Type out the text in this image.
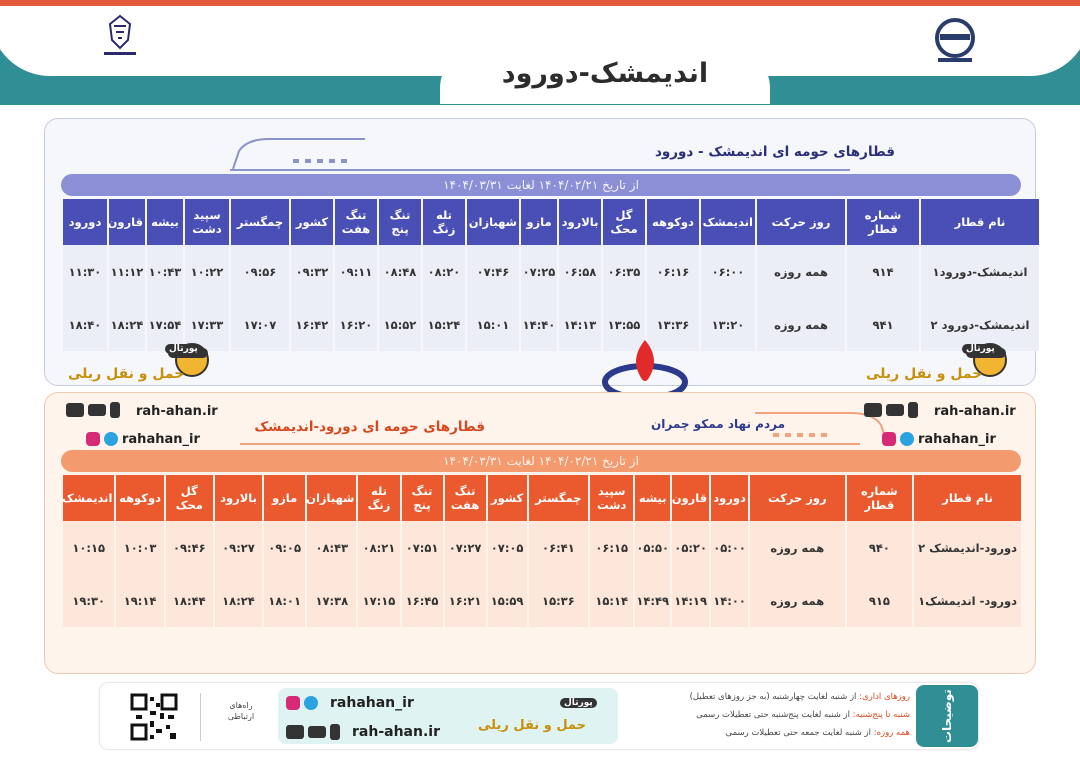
اندیمشک-دورود
قطارهای حومه ای اندیمشک - دورود
از تاریخ ۱۴۰۴/۰۲/۲۱ لغایت ۱۴۰۴/۰۳/۳۱
نام قطار	شماره قطار	روز حرکت	اندیمشک	دوکوهه	گل محک	بالارود	مازو	شهبازان	تله زنگ	تنگ پنج	تنگ هفت	کشور	چمگستر	سپید دشت	بیشه	قارون	دورود
اندیمشک-دورود۱	۹۱۴	همه روزه	۰۶:۰۰	۰۶:۱۶	۰۶:۳۵	۰۶:۵۸	۰۷:۲۵	۰۷:۴۶	۰۸:۲۰	۰۸:۴۸	۰۹:۱۱	۰۹:۳۲	۰۹:۵۶	۱۰:۲۲	۱۰:۴۳	۱۱:۱۲	۱۱:۳۰
اندیمشک-دورود ۲	۹۴۱	همه روزه	۱۳:۲۰	۱۳:۳۶	۱۳:۵۵	۱۴:۱۳	۱۴:۴۰	۱۵:۰۱	۱۵:۲۴	۱۵:۵۲	۱۶:۲۰	۱۶:۴۲	۱۷:۰۷	۱۷:۳۳	۱۷:۵۴	۱۸:۲۴	۱۸:۴۰
حمل و نقل ریلی
پورتال
حمل و نقل ریلی
پورتال
قطارهای حومه ای دورود-اندیمشک	مردم نهاد ممکو چمران
از تاریخ ۱۴۰۴/۰۲/۲۱ لغایت ۱۴۰۴/۰۳/۳۱
نام قطار	شماره قطار	روز حرکت	دورود	قارون	بیشه	سپید دشت	چمگستر	کشور	تنگ هفت	تنگ پنج	تله زنگ	شهبازان	مازو	بالارود	گل محک	دوکوهه	اندیمشک
دورود-اندیمشک ۲	۹۴۰	همه روزه	۰۵:۰۰	۰۵:۲۰	۰۵:۵۰	۰۶:۱۵	۰۶:۴۱	۰۷:۰۵	۰۷:۲۷	۰۷:۵۱	۰۸:۲۱	۰۸:۴۳	۰۹:۰۵	۰۹:۲۷	۰۹:۴۶	۱۰:۰۳	۱۰:۱۵
دورود- اندیمشک۱	۹۱۵	همه روزه	۱۴:۰۰	۱۴:۱۹	۱۴:۴۹	۱۵:۱۴	۱۵:۳۶	۱۵:۵۹	۱۶:۲۱	۱۶:۴۵	۱۷:۱۵	۱۷:۳۸	۱۸:۰۱	۱۸:۲۴	۱۸:۴۴	۱۹:۱۴	۱۹:۳۰
rah-ahan.ir
rahahan_ir
rah-ahan.ir
rahahan_ir
توضیحات
روزهای اداری: از شنبه لغایت چهارشنبه (به جز روزهای تعطیل)
شنبه تا پنج‌شنبه: از شنبه لغایت پنج‌شنبه حتی تعطیلات رسمی
همه روزه: از شنبه لغایت جمعه حتی تعطیلات رسمی
rahahan_ir
rah-ahan.ir	حمل و نقل ریلی
پورتال
راه‌های ارتباطی
